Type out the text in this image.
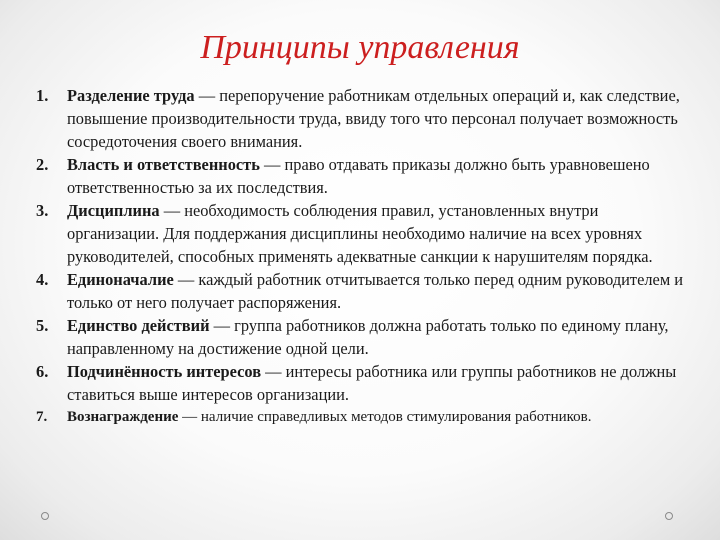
Принципы управления
1.	Разделение труда — перепоручение работникам отдельных операций и, как следствие, повышение производительности труда, ввиду того что персонал получает возможность сосредоточения своего внимания.
2.	Власть и ответственность — право отдавать приказы должно быть уравновешено ответственностью за их последствия.
3.	Дисциплина — необходимость соблюдения правил, установленных внутри организации. Для поддержания дисциплины необходимо наличие на всех уровнях руководителей, способных применять адекватные санкции к нарушителям порядка.
4.	Единоначалие — каждый работник отчитывается только перед одним руководителем и только от него получает распоряжения.
5.	Единство действий — группа работников должна работать только по единому плану, направленному на достижение одной цели.
6.	Подчинённость интересов — интересы работника или группы работников не должны ставиться выше интересов организации.
7.	Вознаграждение — наличие справедливых методов стимулирования работников.
